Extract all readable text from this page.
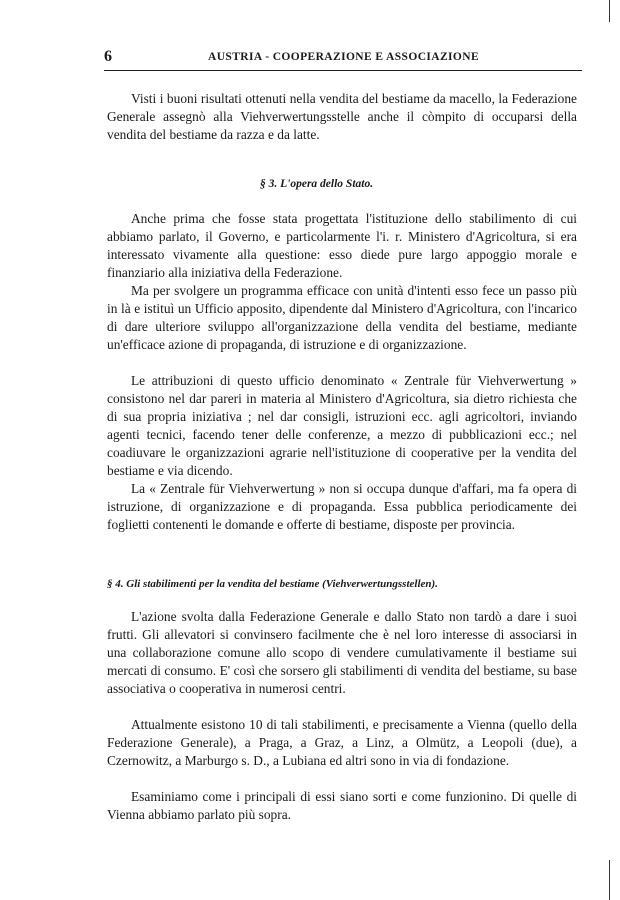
6	AUSTRIA - COOPERAZIONE E ASSOCIAZIONE

Visti i buoni risultati ottenuti nella vendita del bestiame da macello, la Federazione Generale assegnò alla Viehverwertungsstelle anche il còmpito di occuparsi della vendita del bestiame da razza e da latte.

§ 3. L'opera dello Stato.

Anche prima che fosse stata progettata l'istituzione dello stabilimento di cui abbiamo parlato, il Governo, e particolarmente l'i. r. Ministero d'Agricoltura, si era interessato vivamente alla questione: esso diede pure largo appoggio morale e finanziario alla iniziativa della Federazione.

Ma per svolgere un programma efficace con unità d'intenti esso fece un passo più in là e istituì un Ufficio apposito, dipendente dal Ministero d'Agricoltura, con l'incarico di dare ulteriore sviluppo all'organizzazione della vendita del bestiame, mediante un'efficace azione di propaganda, di istruzione e di organizzazione.

Le attribuzioni di questo ufficio denominato « Zentrale für Viehverwertung » consistono nel dar pareri in materia al Ministero d'Agricoltura, sia dietro richiesta che di sua propria iniziativa ; nel dar consigli, istruzioni ecc. agli agricoltori, inviando agenti tecnici, facendo tener delle conferenze, a mezzo di pubblicazioni ecc.; nel coadiuvare le organizzazioni agrarie nell'istituzione di cooperative per la vendita del bestiame e via dicendo.

La « Zentrale für Viehverwertung » non si occupa dunque d'affari, ma fa opera di istruzione, di organizzazione e di propaganda. Essa pubblica periodicamente dei foglietti contenenti le domande e offerte di bestiame, disposte per provincia.

§ 4. Gli stabilimenti per la vendita del bestiame (Viehverwertungsstellen).

L'azione svolta dalla Federazione Generale e dallo Stato non tardò a dare i suoi frutti. Gli allevatori si convinsero facilmente che è nel loro interesse di associarsi in una collaborazione comune allo scopo di vendere cumulativamente il bestiame sui mercati di consumo. E' così che sorsero gli stabilimenti di vendita del bestiame, su base associativa o cooperativa in numerosi centri.

Attualmente esistono 10 di tali stabilimenti, e precisamente a Vienna (quello della Federazione Generale), a Praga, a Graz, a Linz, a Olmütz, a Leopoli (due), a Czernowitz, a Marburgo s. D., a Lubiana ed altri sono in via di fondazione.

Esaminiamo come i principali di essi siano sorti e come funzionino. Di quelle di Vienna abbiamo parlato più sopra.
